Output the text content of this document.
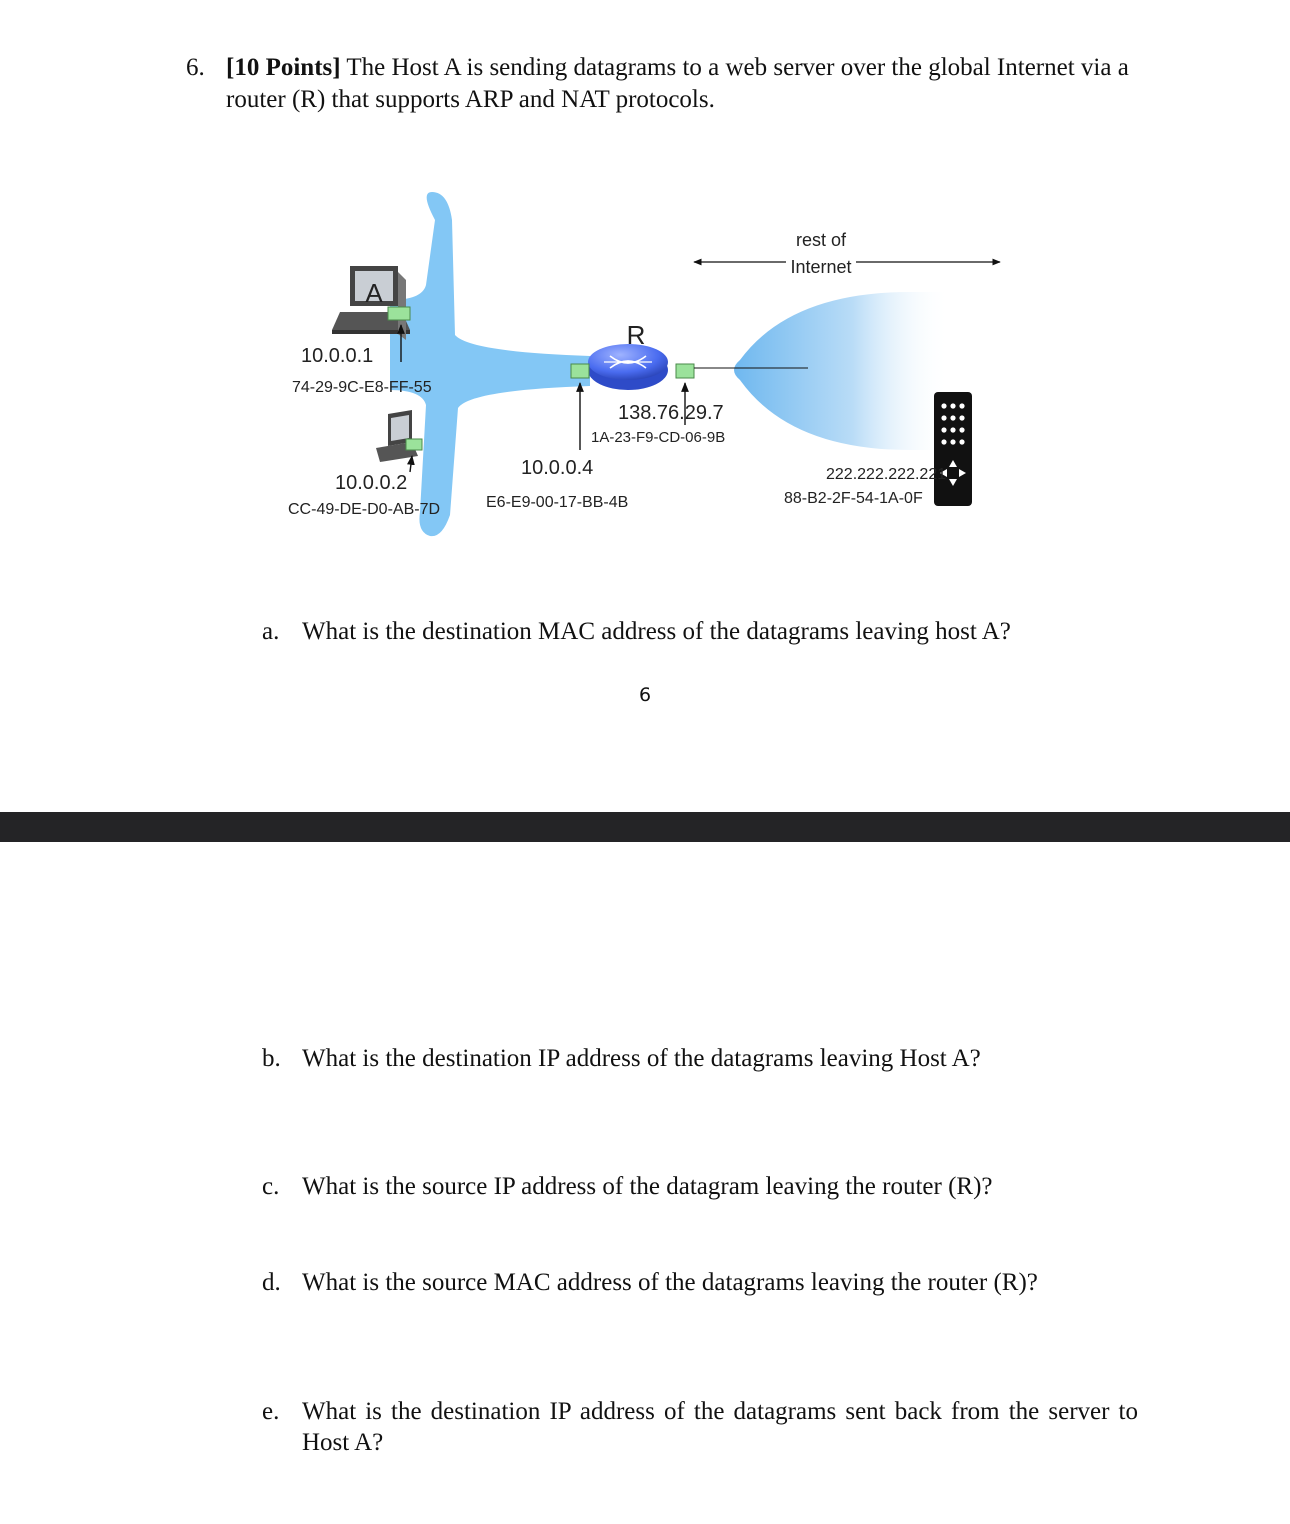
6. [10 Points] The Host A is sending datagrams to a web server over the global Internet via a router (R) that supports ARP and NAT protocols.
A
10.0.0.1
74-29-9C-E8-FF-55
10.0.0.2
CC-49-DE-D0-AB-7D
R
138.76.29.7
1A-23-F9-CD-06-9B
10.0.0.4
E6-E9-00-17-BB-4B
rest of
Internet
222.222.222.221
88-B2-2F-54-1A-0F
a. What is the destination MAC address of the datagrams leaving host A?
6
b. What is the destination IP address of the datagrams leaving Host A?
c. What is the source IP address of the datagram leaving the router (R)?
d. What is the source MAC address of the datagrams leaving the router (R)?
e. What is the destination IP address of the datagrams sent back from the server to Host A?
